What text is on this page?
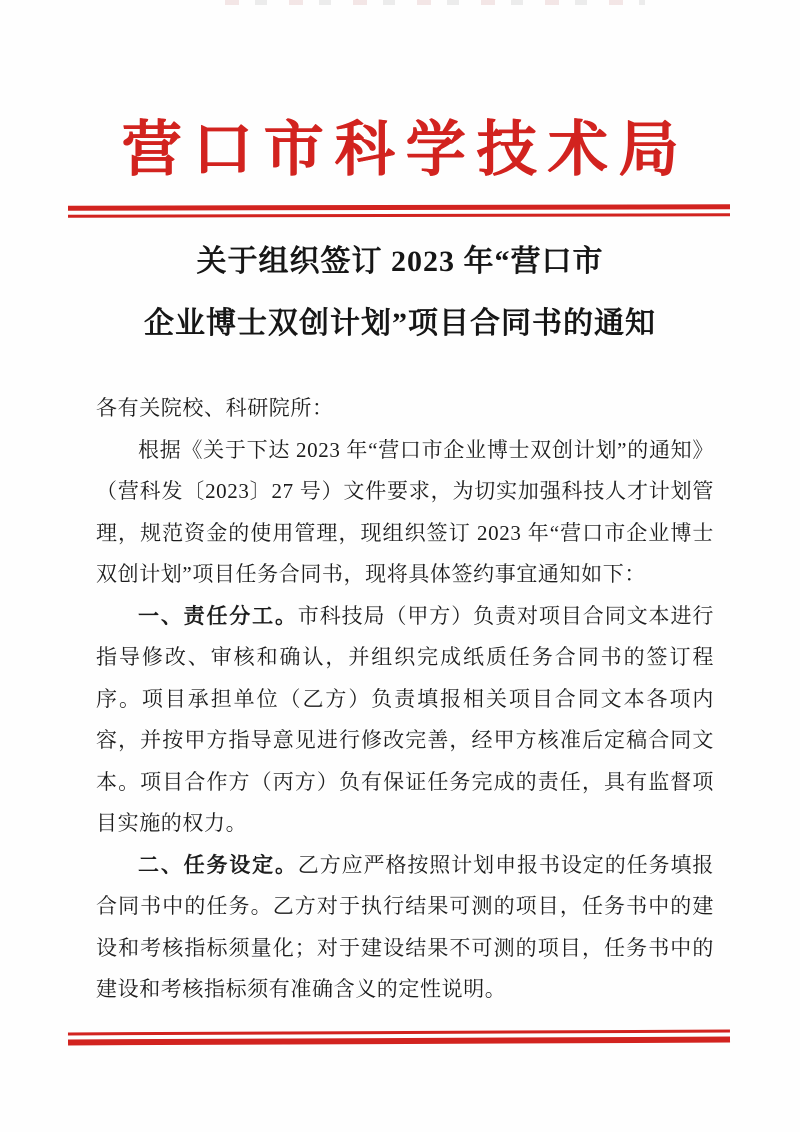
营口市科学技术局
关于组织签订 2023 年“营口市
企业博士双创计划”项目合同书的通知

各有关院校、科研院所：

根据《关于下达 2023 年“营口市企业博士双创计划”的通知》（营科发〔2023〕27 号）文件要求，为切实加强科技人才计划管理，规范资金的使用管理，现组织签订 2023 年“营口市企业博士双创计划”项目任务合同书，现将具体签约事宜通知如下：

一、责任分工。市科技局（甲方）负责对项目合同文本进行指导修改、审核和确认，并组织完成纸质任务合同书的签订程序。项目承担单位（乙方）负责填报相关项目合同文本各项内容，并按甲方指导意见进行修改完善，经甲方核准后定稿合同文本。项目合作方（丙方）负有保证任务完成的责任，具有监督项目实施的权力。

二、任务设定。乙方应严格按照计划申报书设定的任务填报合同书中的任务。乙方对于执行结果可测的项目，任务书中的建设和考核指标须量化；对于建设结果不可测的项目，任务书中的建设和考核指标须有准确含义的定性说明。
